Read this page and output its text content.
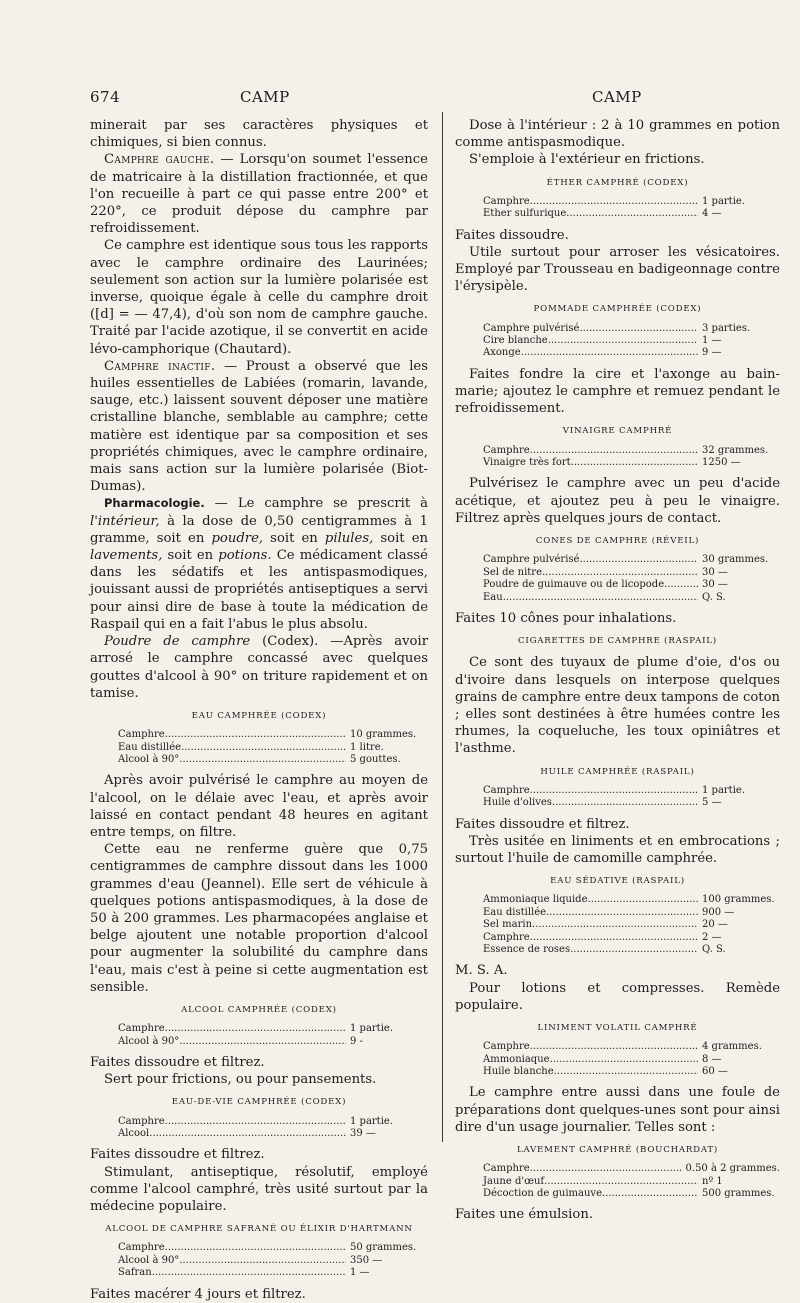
674	CAMP	CAMP

minerait par ses caractères physiques et chimiques, si bien connus.

Camphre gauche. — Lorsqu'on soumet l'essence de matricaire à la distillation fractionnée, et que l'on recueille à part ce qui passe entre 200° et 220°, ce produit dépose du camphre par refroidissement.

Ce camphre est identique sous tous les rapports avec le camphre ordinaire des Laurinées; seulement son action sur la lumière polarisée est inverse, quoique égale à celle du camphre droit ([d] = — 47,4), d'où son nom de camphre gauche. Traité par l'acide azotique, il se convertit en acide lévo-camphorique (Chautard).

Camphre inactif. — Proust a observé que les huiles essentielles de Labiées (romarin, lavande, sauge, etc.) laissent souvent déposer une matière cristalline blanche, semblable au camphre; cette matière est identique par sa composition et ses propriétés chimiques, avec le camphre ordinaire, mais sans action sur la lumière polarisée (Biot-Dumas).

Pharmacologie. — Le camphre se prescrit à l'intérieur, à la dose de 0,50 centigrammes à 1 gramme, soit en poudre, soit en pilules, soit en lavements, soit en potions. Ce médicament classé dans les sédatifs et les antispasmodiques, jouissant aussi de propriétés antiseptiques a servi pour ainsi dire de base à toute la médication de Raspail qui en a fait l'abus le plus absolu.

Poudre de camphre (Codex). —Après avoir arrosé le camphre concassé avec quelques gouttes d'alcool à 90° on triture rapidement et on tamise.

EAU CAMPHRÉE (CODEX)
Camphre .....	10 grammes.
Eau distillée .....	1 litre.
Alcool à 90° .....	5 gouttes.

Après avoir pulvérisé le camphre au moyen de l'alcool, on le délaie avec l'eau, et après avoir laissé en contact pendant 48 heures en agitant entre temps, on filtre.

Cette eau ne renferme guère que 0,75 centigrammes de camphre dissout dans les 1000 grammes d'eau (Jeannel). Elle sert de véhicule à quelques potions antispasmodiques, à la dose de 50 à 200 grammes. Les pharmacopées anglaise et belge ajoutent une notable proportion d'alcool pour augmenter la solubilité du camphre dans l'eau, mais c'est à peine si cette augmentation est sensible.

ALCOOL CAMPHRÉE (CODEX)
Camphre .....	1 partie.
Alcool à 90° .....	9 -

Faites dissoudre et filtrez.

Sert pour frictions, ou pour pansements.

EAU-DE-VIE CAMPHRÉE (CODEX)
Camphre .....	1 partie.
Alcool .....	39 —

Faites dissoudre et filtrez.

Stimulant, antiseptique, résolutif, employé comme l'alcool camphré, très usité surtout par la médecine populaire.

ALCOOL DE CAMPHRE SAFRANÉ OU ÉLIXIR D'HARTMANN
Camphre .....	50 grammes.
Alcool à 90° .....	350 —
Safran .....	1 —

Faites macérer 4 jours et filtrez.

Dose à l'intérieur : 2 à 10 grammes en potion comme antispasmodique.

S'emploie à l'extérieur en frictions.

ÉTHER CAMPHRÉ (CODEX)
Camphre .....	1 partie.
Ether sulfurique .....	4 —

Faites dissoudre.

Utile surtout pour arroser les vésicatoires. Employé par Trousseau en badigeonnage contre l'érysipèle.

POMMADE CAMPHRÉE (CODEX)
Camphre pulvérisé .....	3 parties.
Cire blanche .....	1 —
Axonge .....	9 —

Faites fondre la cire et l'axonge au bain-marie; ajoutez le camphre et remuez pendant le refroidissement.

VINAIGRE CAMPHRÉ
Camphre .....	32 grammes.
Vinaigre très fort .....	1250 —

Pulvérisez le camphre avec un peu d'acide acétique, et ajoutez peu à peu le vinaigre. Filtrez après quelques jours de contact.

CONES DE CAMPHRE (RÉVEIL)
Camphre pulvérisé .....	30 grammes.
Sel de nitre .....	30 —
Poudre de guimauve ou de licopode .....	30 —
Eau .....	Q. S.

Faites 10 cônes pour inhalations.

CIGARETTES DE CAMPHRE (RASPAIL)

Ce sont des tuyaux de plume d'oie, d'os ou d'ivoire dans lesquels on interpose quelques grains de camphre entre deux tampons de coton ; elles sont destinées à être humées contre les rhumes, la coqueluche, les toux opiniâtres et l'asthme.

HUILE CAMPHRÉE (RASPAIL)
Camphre .....	1 partie.
Huile d'olives .....	5 —

Faites dissoudre et filtrez.

Très usitée en liniments et en embrocations ; surtout l'huile de camomille camphrée.

EAU SÉDATIVE (RASPAIL)
Ammoniaque liquide .....	100 grammes.
Eau distillée .....	900 —
Sel marin .....	20 —
Camphre .....	2 —
Essence de roses .....	Q. S.

M. S. A.

Pour lotions et compresses. Remède populaire.

LINIMENT VOLATIL CAMPHRÉ
Camphre .....	4 grammes.
Ammoniaque .....	8 —
Huile blanche .....	60 —

Le camphre entre aussi dans une foule de préparations dont quelques-unes sont pour ainsi dire d'un usage journalier. Telles sont :

LAVEMENT CAMPHRÉ (BOUCHARDAT)
Camphre .....	0.50 à 2 grammes.
Jaune d'œuf .....	nº 1
Décoction de guimauve .....	500 grammes.

Faites une émulsion.
